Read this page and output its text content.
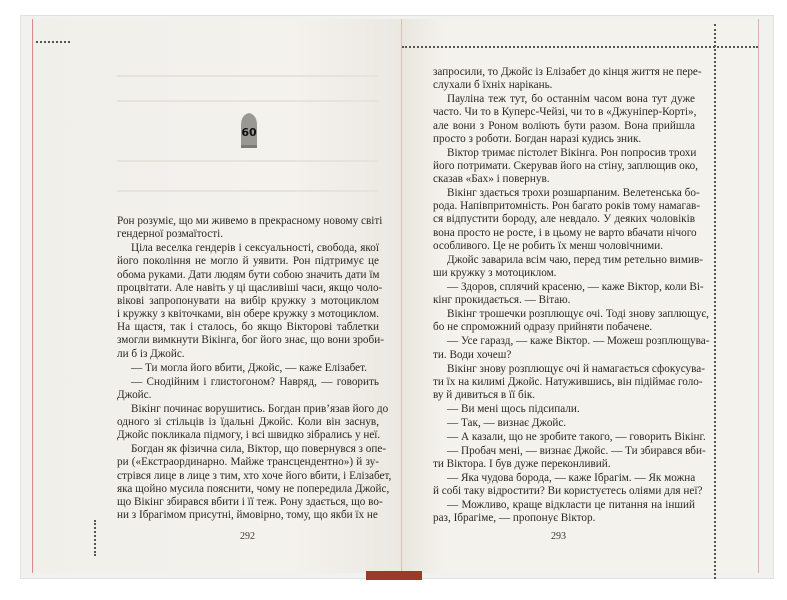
60
Рон розуміє, що ми живемо в прекрасному новому світі
гендерної розмаїтості.
Ціла веселка гендерів і сексуальності, свобода, якої
його покоління не могло й уявити. Рон підтримує це
обома руками. Дати людям бути собою значить дати їм
процвітати. Але навіть у ці щасливіші часи, якщо чоло-
вікові запропонувати на вибір кружку з мотоциклом
і кружку з квіточками, він обере кружку з мотоциклом.
На щастя, так і сталось, бо якщо Вікторові таблетки
змогли вимкнути Вікінга, бог його знає, що вони зроби-
ли б із Джойс.
— Ти могла його вбити, Джойс, — каже Елізабет.
— Снодійним і глистогоном? Навряд, — говорить
Джойс.
Вікінг починає ворушитись. Богдан прив’язав його до
одного зі стільців із їдальні Джойс. Коли він заснув,
Джойс покликала підмогу, і всі швидко зібрались у неї.
Богдан як фізична сила, Віктор, що повернувся з опе-
ри («Екстраординарно. Майже трансцендентно») й зу-
стрівся лице в лице з тим, хто хоче його вбити, і Елізабет,
яка щойно мусила пояснити, чому не попередила Джойс,
що Вікінг збирався вбити і її теж. Рону здається, що во-
ни з Ібрагімом присутні, ймовірно, тому, що якби їх не
запросили, то Джойс із Елізабет до кінця життя не пере-
слухали б їхніх нарікань.
Пауліна теж тут, бо останнім часом вона тут дуже
часто. Чи то в Куперс-Чейзі, чи то в «Джуніпер-Корті»,
але вони з Роном воліють бути разом. Вона прийшла
просто з роботи. Богдан наразі кудись зник.
Віктор тримає пістолет Вікінга. Рон попросив трохи
його потримати. Скерував його на стіну, заплющив око,
сказав «Бах» і повернув.
Вікінг здається трохи розшарпаним. Велетенська бо-
рода. Напівпритомність. Рон багато років тому намагав-
ся відпустити бороду, але невдало. У деяких чоловіків
вона просто не росте, і в цьому не варто вбачати нічого
особливого. Це не робить їх менш чоловічними.
Джойс заварила всім чаю, перед тим ретельно вимив-
ши кружку з мотоциклом.
— Здоров, сплячий красеню, — каже Віктор, коли Ві-
кінг прокидається. — Вітаю.
Вікінг трошечки розплющує очі. Тоді знову заплющує,
бо не спроможний одразу прийняти побачене.
— Усе гаразд, — каже Віктор. — Можеш розплющува-
ти. Води хочеш?
Вікінг знову розплющує очі й намагається сфокусува-
ти їх на килимі Джойс. Натужившись, він підіймає голо-
ву й дивиться в її бік.
— Ви мені щось підсипали.
— Так, — визнає Джойс.
— А казали, що не зробите такого, — говорить Вікінг.
— Пробач мені, — визнає Джойс. — Ти збирався вби-
ти Віктора. І був дуже переконливий.
— Яка чудова борода, — каже Ібрагім. — Як можна
й собі таку відростити? Ви користуєтесь оліями для неї?
— Можливо, краще відкласти це питання на інший
раз, Ібрагіме, — пропонує Віктор.
292	293
